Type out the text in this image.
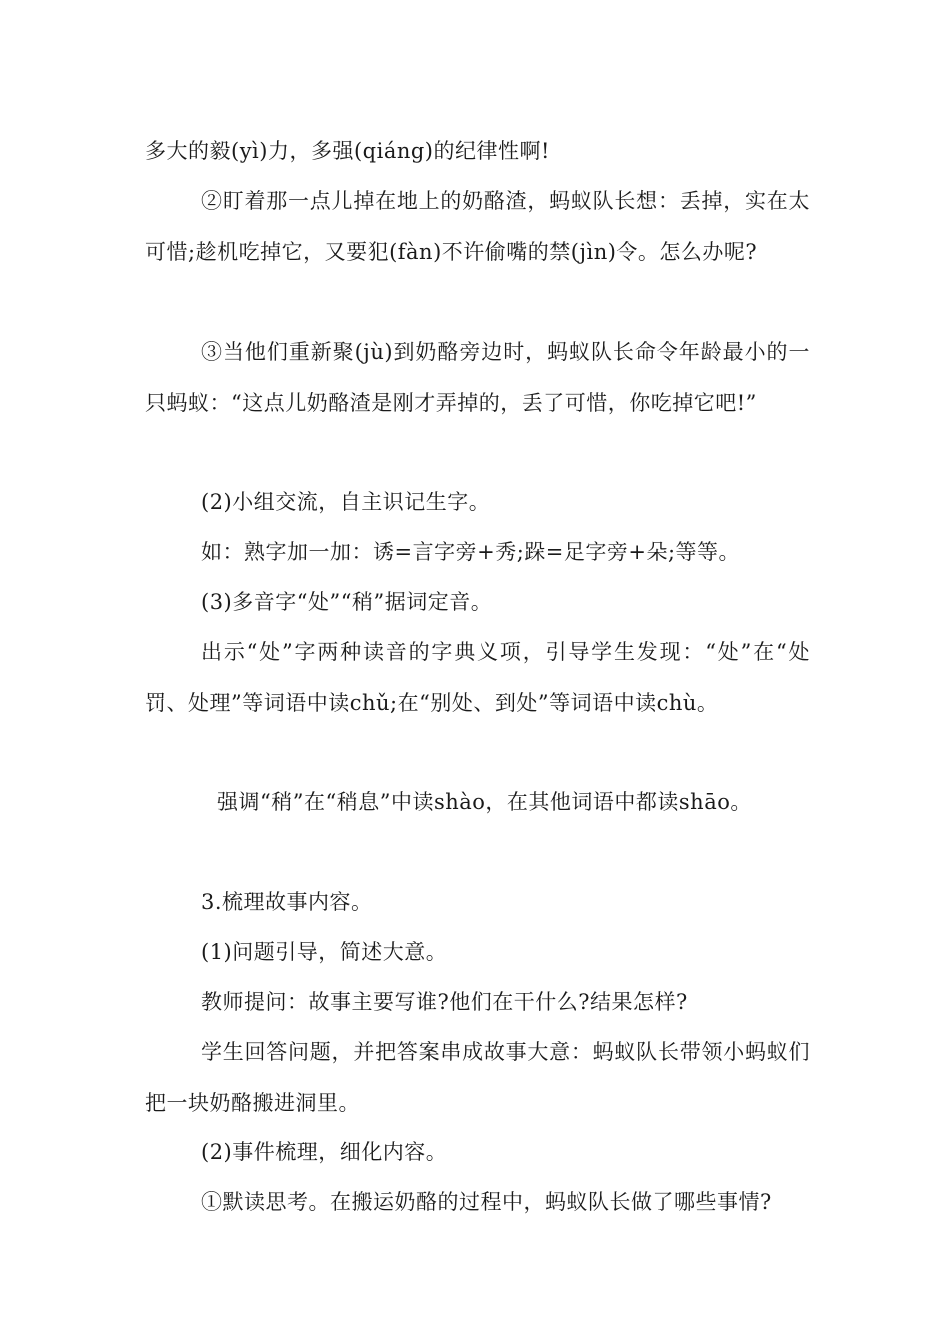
多大的毅(yì)力，多强(qiáng)的纪律性啊!

②盯着那一点儿掉在地上的奶酪渣，蚂蚁队长想：丢掉，实在太可惜;趁机吃掉它，又要犯(fàn)不许偷嘴的禁(jìn)令。怎么办呢?

③当他们重新聚(jù)到奶酪旁边时，蚂蚁队长命令年龄最小的一只蚂蚁：“这点儿奶酪渣是刚才弄掉的，丢了可惜，你吃掉它吧!”

(2)小组交流，自主识记生字。

如：熟字加一加：诱=言字旁+秀;跺=足字旁+朵;等等。

(3)多音字“处”“稍”据词定音。

出示“处”字两种读音的字典义项，引导学生发现：“处”在“处罚、处理”等词语中读chǔ;在“别处、到处”等词语中读chù。

强调“稍”在“稍息”中读shào，在其他词语中都读shāo。

3.梳理故事内容。

(1)问题引导，简述大意。

教师提问：故事主要写谁?他们在干什么?结果怎样?

学生回答问题，并把答案串成故事大意：蚂蚁队长带领小蚂蚁们把一块奶酪搬进洞里。

(2)事件梳理，细化内容。

①默读思考。在搬运奶酪的过程中，蚂蚁队长做了哪些事情?
